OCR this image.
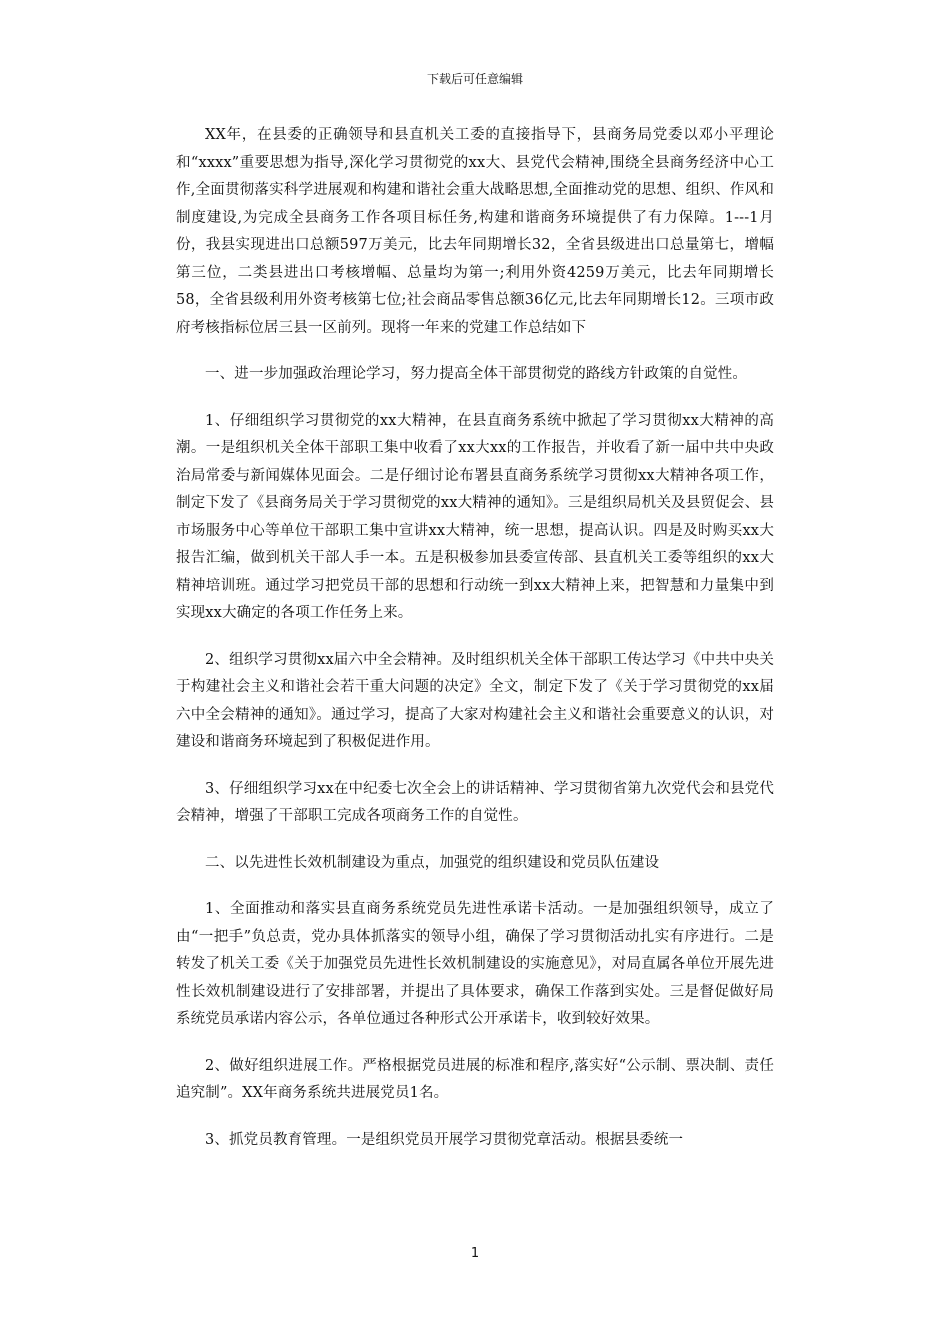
下载后可任意编辑

XX年，在县委的正确领导和县直机关工委的直接指导下，县商务局党委以邓小平理论和“xxxx”重要思想为指导,深化学习贯彻党的xx大、县党代会精神,围绕全县商务经济中心工作,全面贯彻落实科学进展观和构建和谐社会重大战略思想,全面推动党的思想、组织、作风和制度建设,为完成全县商务工作各项目标任务,构建和谐商务环境提供了有力保障。1---1月份，我县实现进出口总额597万美元，比去年同期增长32，全省县级进出口总量第七，增幅第三位，二类县进出口考核增幅、总量均为第一;利用外资4259万美元，比去年同期增长58，全省县级利用外资考核第七位;社会商品零售总额36亿元,比去年同期增长12。三项市政府考核指标位居三县一区前列。现将一年来的党建工作总结如下

一、进一步加强政治理论学习，努力提高全体干部贯彻党的路线方针政策的自觉性。

1、仔细组织学习贯彻党的xx大精神，在县直商务系统中掀起了学习贯彻xx大精神的高潮。一是组织机关全体干部职工集中收看了xx大xx的工作报告，并收看了新一届中共中央政治局常委与新闻媒体见面会。二是仔细讨论布署县直商务系统学习贯彻xx大精神各项工作，制定下发了《县商务局关于学习贯彻党的xx大精神的通知》。三是组织局机关及县贸促会、县市场服务中心等单位干部职工集中宣讲xx大精神，统一思想，提高认识。四是及时购买xx大报告汇编，做到机关干部人手一本。五是积极参加县委宣传部、县直机关工委等组织的xx大精神培训班。通过学习把党员干部的思想和行动统一到xx大精神上来，把智慧和力量集中到实现xx大确定的各项工作任务上来。

2、组织学习贯彻xx届六中全会精神。及时组织机关全体干部职工传达学习《中共中央关于构建社会主义和谐社会若干重大问题的决定》全文，制定下发了《关于学习贯彻党的xx届六中全会精神的通知》。通过学习，提高了大家对构建社会主义和谐社会重要意义的认识，对建设和谐商务环境起到了积极促进作用。

3、仔细组织学习xx在中纪委七次全会上的讲话精神、学习贯彻省第九次党代会和县党代会精神，增强了干部职工完成各项商务工作的自觉性。

二、以先进性长效机制建设为重点，加强党的组织建设和党员队伍建设

1、全面推动和落实县直商务系统党员先进性承诺卡活动。一是加强组织领导，成立了由“一把手”负总责，党办具体抓落实的领导小组，确保了学习贯彻活动扎实有序进行。二是转发了机关工委《关于加强党员先进性长效机制建设的实施意见》，对局直属各单位开展先进性长效机制建设进行了安排部署，并提出了具体要求，确保工作落到实处。三是督促做好局系统党员承诺内容公示，各单位通过各种形式公开承诺卡，收到较好效果。

2、做好组织进展工作。严格根据党员进展的标准和程序,落实好“公示制、票决制、责任追究制”。XX年商务系统共进展党员1名。

3、抓党员教育管理。一是组织党员开展学习贯彻党章活动。根据县委统一

1
